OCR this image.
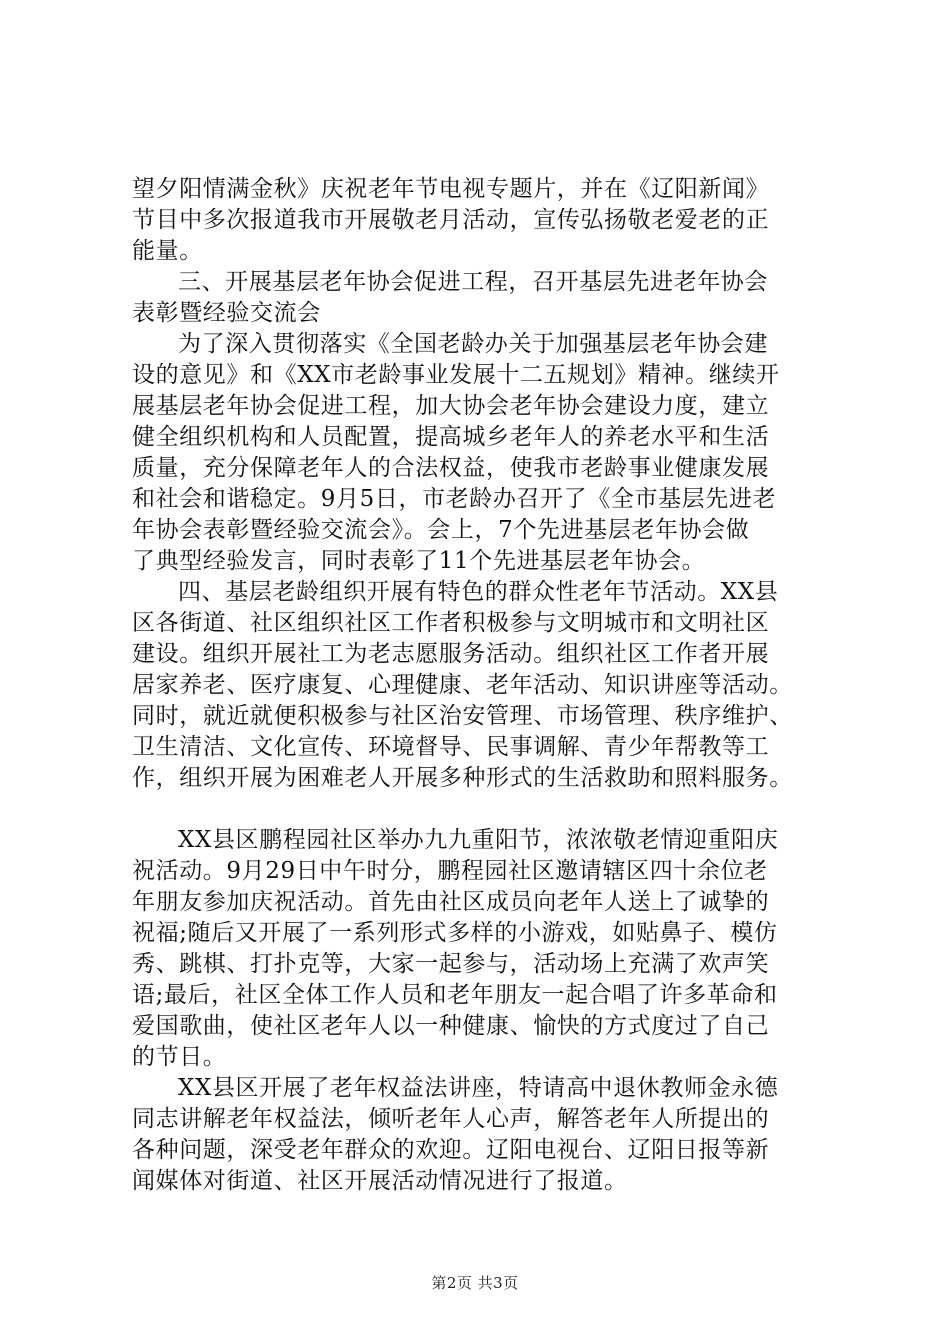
望夕阳情满金秋》庆祝老年节电视专题片，并在《辽阳新闻》

节目中多次报道我市开展敬老月活动，宣传弘扬敬老爱老的正

能量。

三、开展基层老年协会促进工程，召开基层先进老年协会

表彰暨经验交流会

为了深入贯彻落实《全国老龄办关于加强基层老年协会建

设的意见》和《XX市老龄事业发展十二五规划》精神。继续开

展基层老年协会促进工程，加大协会老年协会建设力度，建立

健全组织机构和人员配置，提高城乡老年人的养老水平和生活

质量，充分保障老年人的合法权益，使我市老龄事业健康发展

和社会和谐稳定。9月5日，市老龄办召开了《全市基层先进老

年协会表彰暨经验交流会》。会上，7个先进基层老年协会做

了典型经验发言，同时表彰了11个先进基层老年协会。

四、基层老龄组织开展有特色的群众性老年节活动。XX县

区各街道、社区组织社区工作者积极参与文明城市和文明社区

建设。组织开展社工为老志愿服务活动。组织社区工作者开展

居家养老、医疗康复、心理健康、老年活动、知识讲座等活动。

同时，就近就便积极参与社区治安管理、市场管理、秩序维护、

卫生清洁、文化宣传、环境督导、民事调解、青少年帮教等工

作，组织开展为困难老人开展多种形式的生活救助和照料服务。

XX县区鹏程园社区举办九九重阳节，浓浓敬老情迎重阳庆

祝活动。9月29日中午时分，鹏程园社区邀请辖区四十余位老

年朋友参加庆祝活动。首先由社区成员向老年人送上了诚挚的

祝福;随后又开展了一系列形式多样的小游戏，如贴鼻子、模仿

秀、跳棋、打扑克等，大家一起参与，活动场上充满了欢声笑

语;最后，社区全体工作人员和老年朋友一起合唱了许多革命和

爱国歌曲，使社区老年人以一种健康、愉快的方式度过了自己

的节日。

XX县区开展了老年权益法讲座，特请高中退休教师金永德

同志讲解老年权益法，倾听老年人心声，解答老年人所提出的

各种问题，深受老年群众的欢迎。辽阳电视台、辽阳日报等新

闻媒体对街道、社区开展活动情况进行了报道。

第2页 共3页
